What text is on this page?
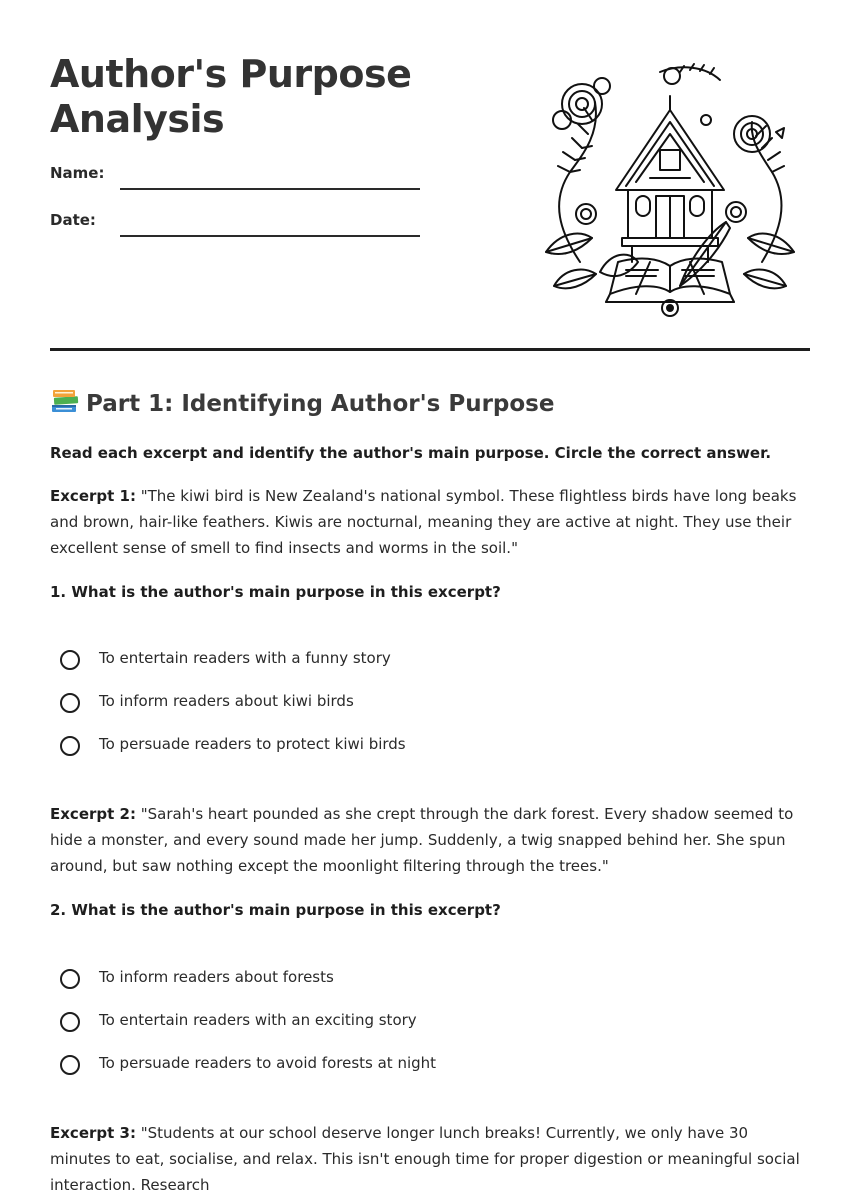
Author's Purpose
Analysis
Name:
Date:
Part 1: Identifying Author's Purpose

Read each excerpt and identify the author's main purpose. Circle the correct answer.

Excerpt 1: "The kiwi bird is New Zealand's national symbol. These flightless birds have long beaks and brown, hair-like feathers. Kiwis are nocturnal, meaning they are active at night. They use their excellent sense of smell to find insects and worms in the soil."

1. What is the author's main purpose in this excerpt?

To entertain readers with a funny story
To inform readers about kiwi birds
To persuade readers to protect kiwi birds

Excerpt 2: "Sarah's heart pounded as she crept through the dark forest. Every shadow seemed to hide a monster, and every sound made her jump. Suddenly, a twig snapped behind her. She spun around, but saw nothing except the moonlight filtering through the trees."

2. What is the author's main purpose in this excerpt?

To inform readers about forests
To entertain readers with an exciting story
To persuade readers to avoid forests at night

Excerpt 3: "Students at our school deserve longer lunch breaks! Currently, we only have 30 minutes to eat, socialise, and relax. This isn't enough time for proper digestion or meaningful social interaction. Research
